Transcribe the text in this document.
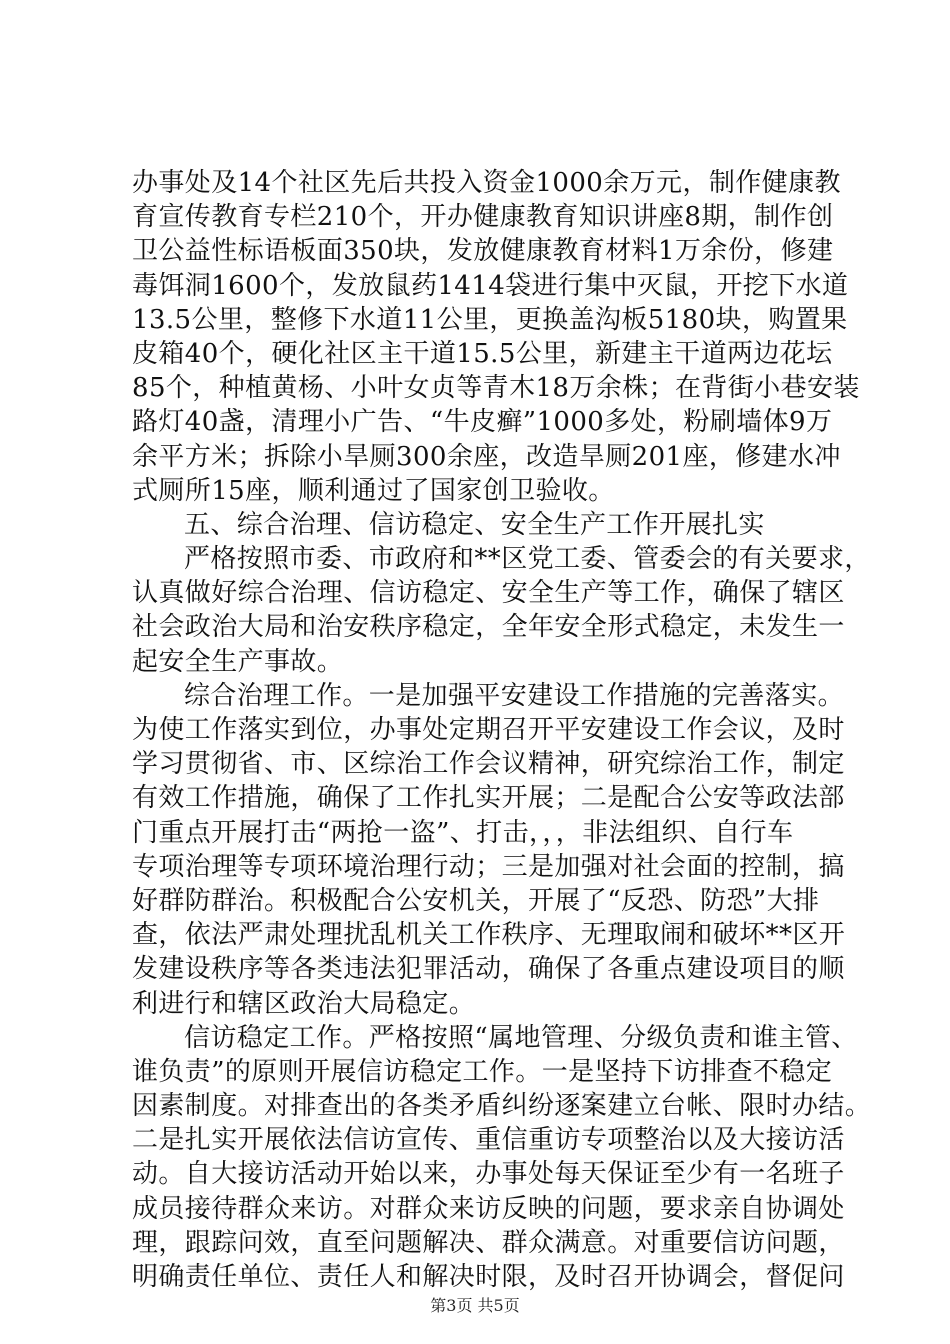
办事处及14个社区先后共投入资金1000余万元，制作健康教
育宣传教育专栏210个，开办健康教育知识讲座8期，制作创
卫公益性标语板面350块，发放健康教育材料1万余份，修建
毒饵洞1600个，发放鼠药1414袋进行集中灭鼠，开挖下水道
13.5公里，整修下水道11公里，更换盖沟板5180块，购置果
皮箱40个，硬化社区主干道15.5公里，新建主干道两边花坛
85个，种植黄杨、小叶女贞等青木18万余株；在背街小巷安装
路灯40盏，清理小广告、“牛皮癣”1000多处，粉刷墙体9万
余平方米；拆除小旱厕300余座，改造旱厕201座，修建水冲
式厕所15座，顺利通过了国家创卫验收。
五、综合治理、信访稳定、安全生产工作开展扎实
严格按照市委、市政府和**区党工委、管委会的有关要求，
认真做好综合治理、信访稳定、安全生产等工作，确保了辖区
社会政治大局和治安秩序稳定，全年安全形式稳定，未发生一
起安全生产事故。
综合治理工作。一是加强平安建设工作措施的完善落实。
为使工作落实到位，办事处定期召开平安建设工作会议，及时
学习贯彻省、市、区综治工作会议精神，研究综治工作，制定
有效工作措施，确保了工作扎实开展；二是配合公安等政法部
门重点开展打击“两抢一盗”、打击，，，非法组织、自行车
专项治理等专项环境治理行动；三是加强对社会面的控制，搞
好群防群治。积极配合公安机关，开展了“反恐、防恐”大排
查，依法严肃处理扰乱机关工作秩序、无理取闹和破坏**区开
发建设秩序等各类违法犯罪活动，确保了各重点建设项目的顺
利进行和辖区政治大局稳定。
信访稳定工作。严格按照“属地管理、分级负责和谁主管、
谁负责”的原则开展信访稳定工作。一是坚持下访排查不稳定
因素制度。对排查出的各类矛盾纠纷逐案建立台帐、限时办结。
二是扎实开展依法信访宣传、重信重访专项整治以及大接访活
动。自大接访活动开始以来，办事处每天保证至少有一名班子
成员接待群众来访。对群众来访反映的问题，要求亲自协调处
理，跟踪问效，直至问题解决、群众满意。对重要信访问题，
明确责任单位、责任人和解决时限，及时召开协调会，督促问
第3页 共5页
